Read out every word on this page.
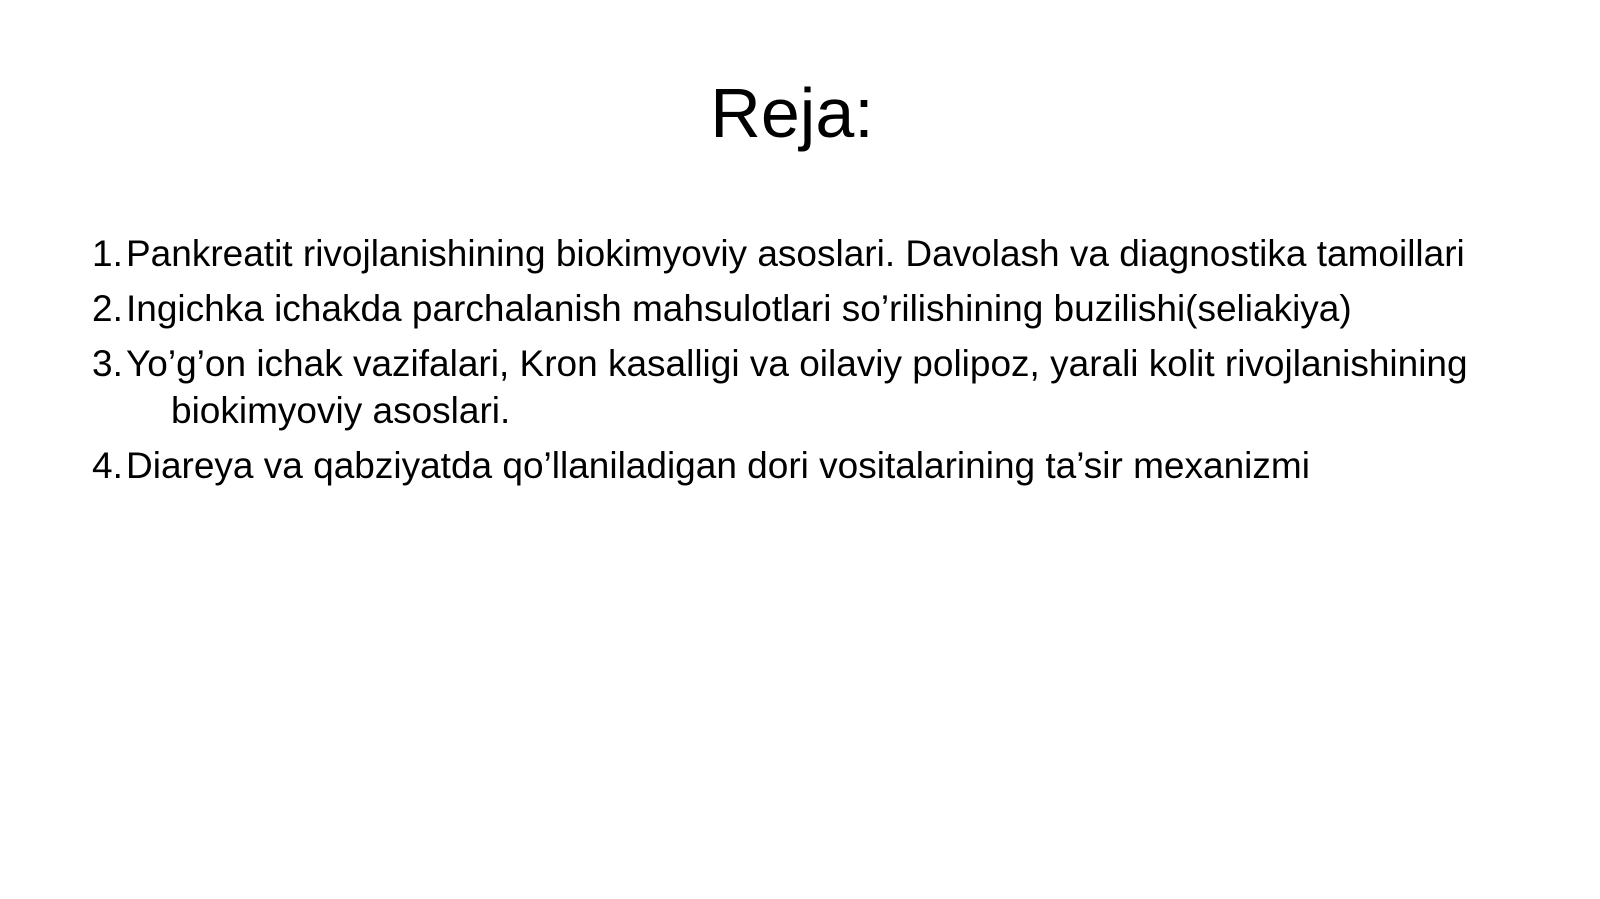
Reja:
1. Pankreatit rivojlanishining biokimyoviy asoslari. Davolash va diagnostika tamoillari
2. Ingichka ichakda parchalanish mahsulotlari so’rilishining buzilishi(seliakiya)
3. Yo’g’on ichak vazifalari, Kron kasalligi va oilaviy polipoz, yarali kolit rivojlanishining biokimyoviy asoslari.
4. Diareya va qabziyatda qo’llaniladigan dori vositalarining ta’sir mexanizmi
